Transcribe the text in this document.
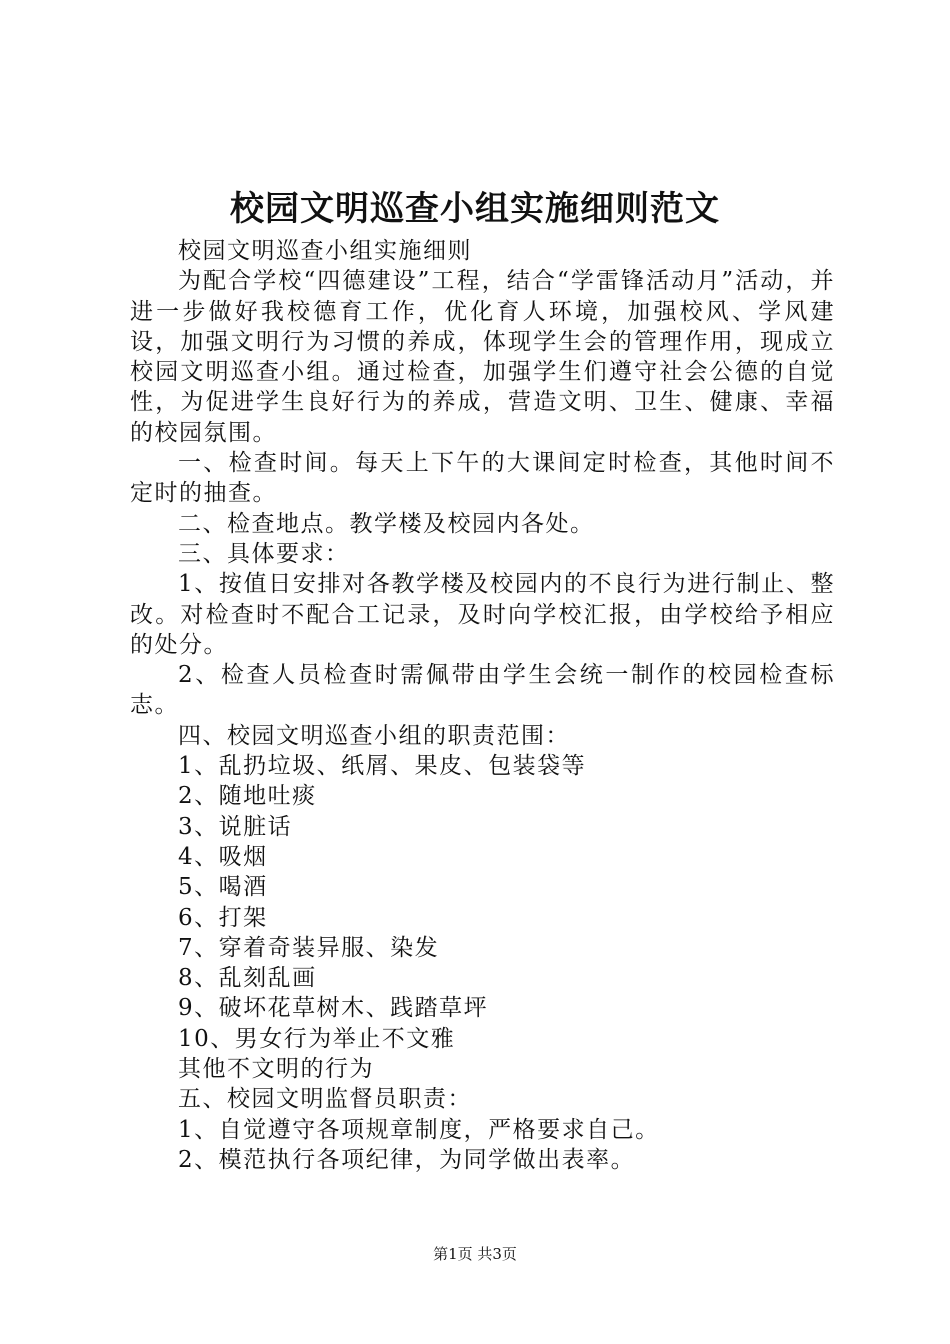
校园文明巡查小组实施细则范文

校园文明巡查小组实施细则

为配合学校“四德建设”工程，结合“学雷锋活动月”活动，并进一步做好我校德育工作，优化育人环境，加强校风、学风建设，加强文明行为习惯的养成，体现学生会的管理作用，现成立校园文明巡查小组。通过检查，加强学生们遵守社会公德的自觉性，为促进学生良好行为的养成，营造文明、卫生、健康、幸福的校园氛围。

一、检查时间。每天上下午的大课间定时检查，其他时间不定时的抽查。

二、检查地点。教学楼及校园内各处。

三、具体要求：

1、按值日安排对各教学楼及校园内的不良行为进行制止、整改。对检查时不配合工记录，及时向学校汇报，由学校给予相应的处分。

2、检查人员检查时需佩带由学生会统一制作的校园检查标志。

四、校园文明巡查小组的职责范围：

1、乱扔垃圾、纸屑、果皮、包装袋等

2、随地吐痰

3、说脏话

4、吸烟

5、喝酒

6、打架

7、穿着奇装异服、染发

8、乱刻乱画

9、破坏花草树木、践踏草坪

10、男女行为举止不文雅

其他不文明的行为

五、校园文明监督员职责：

1、自觉遵守各项规章制度，严格要求自己。

2、模范执行各项纪律，为同学做出表率。

第1页 共3页
